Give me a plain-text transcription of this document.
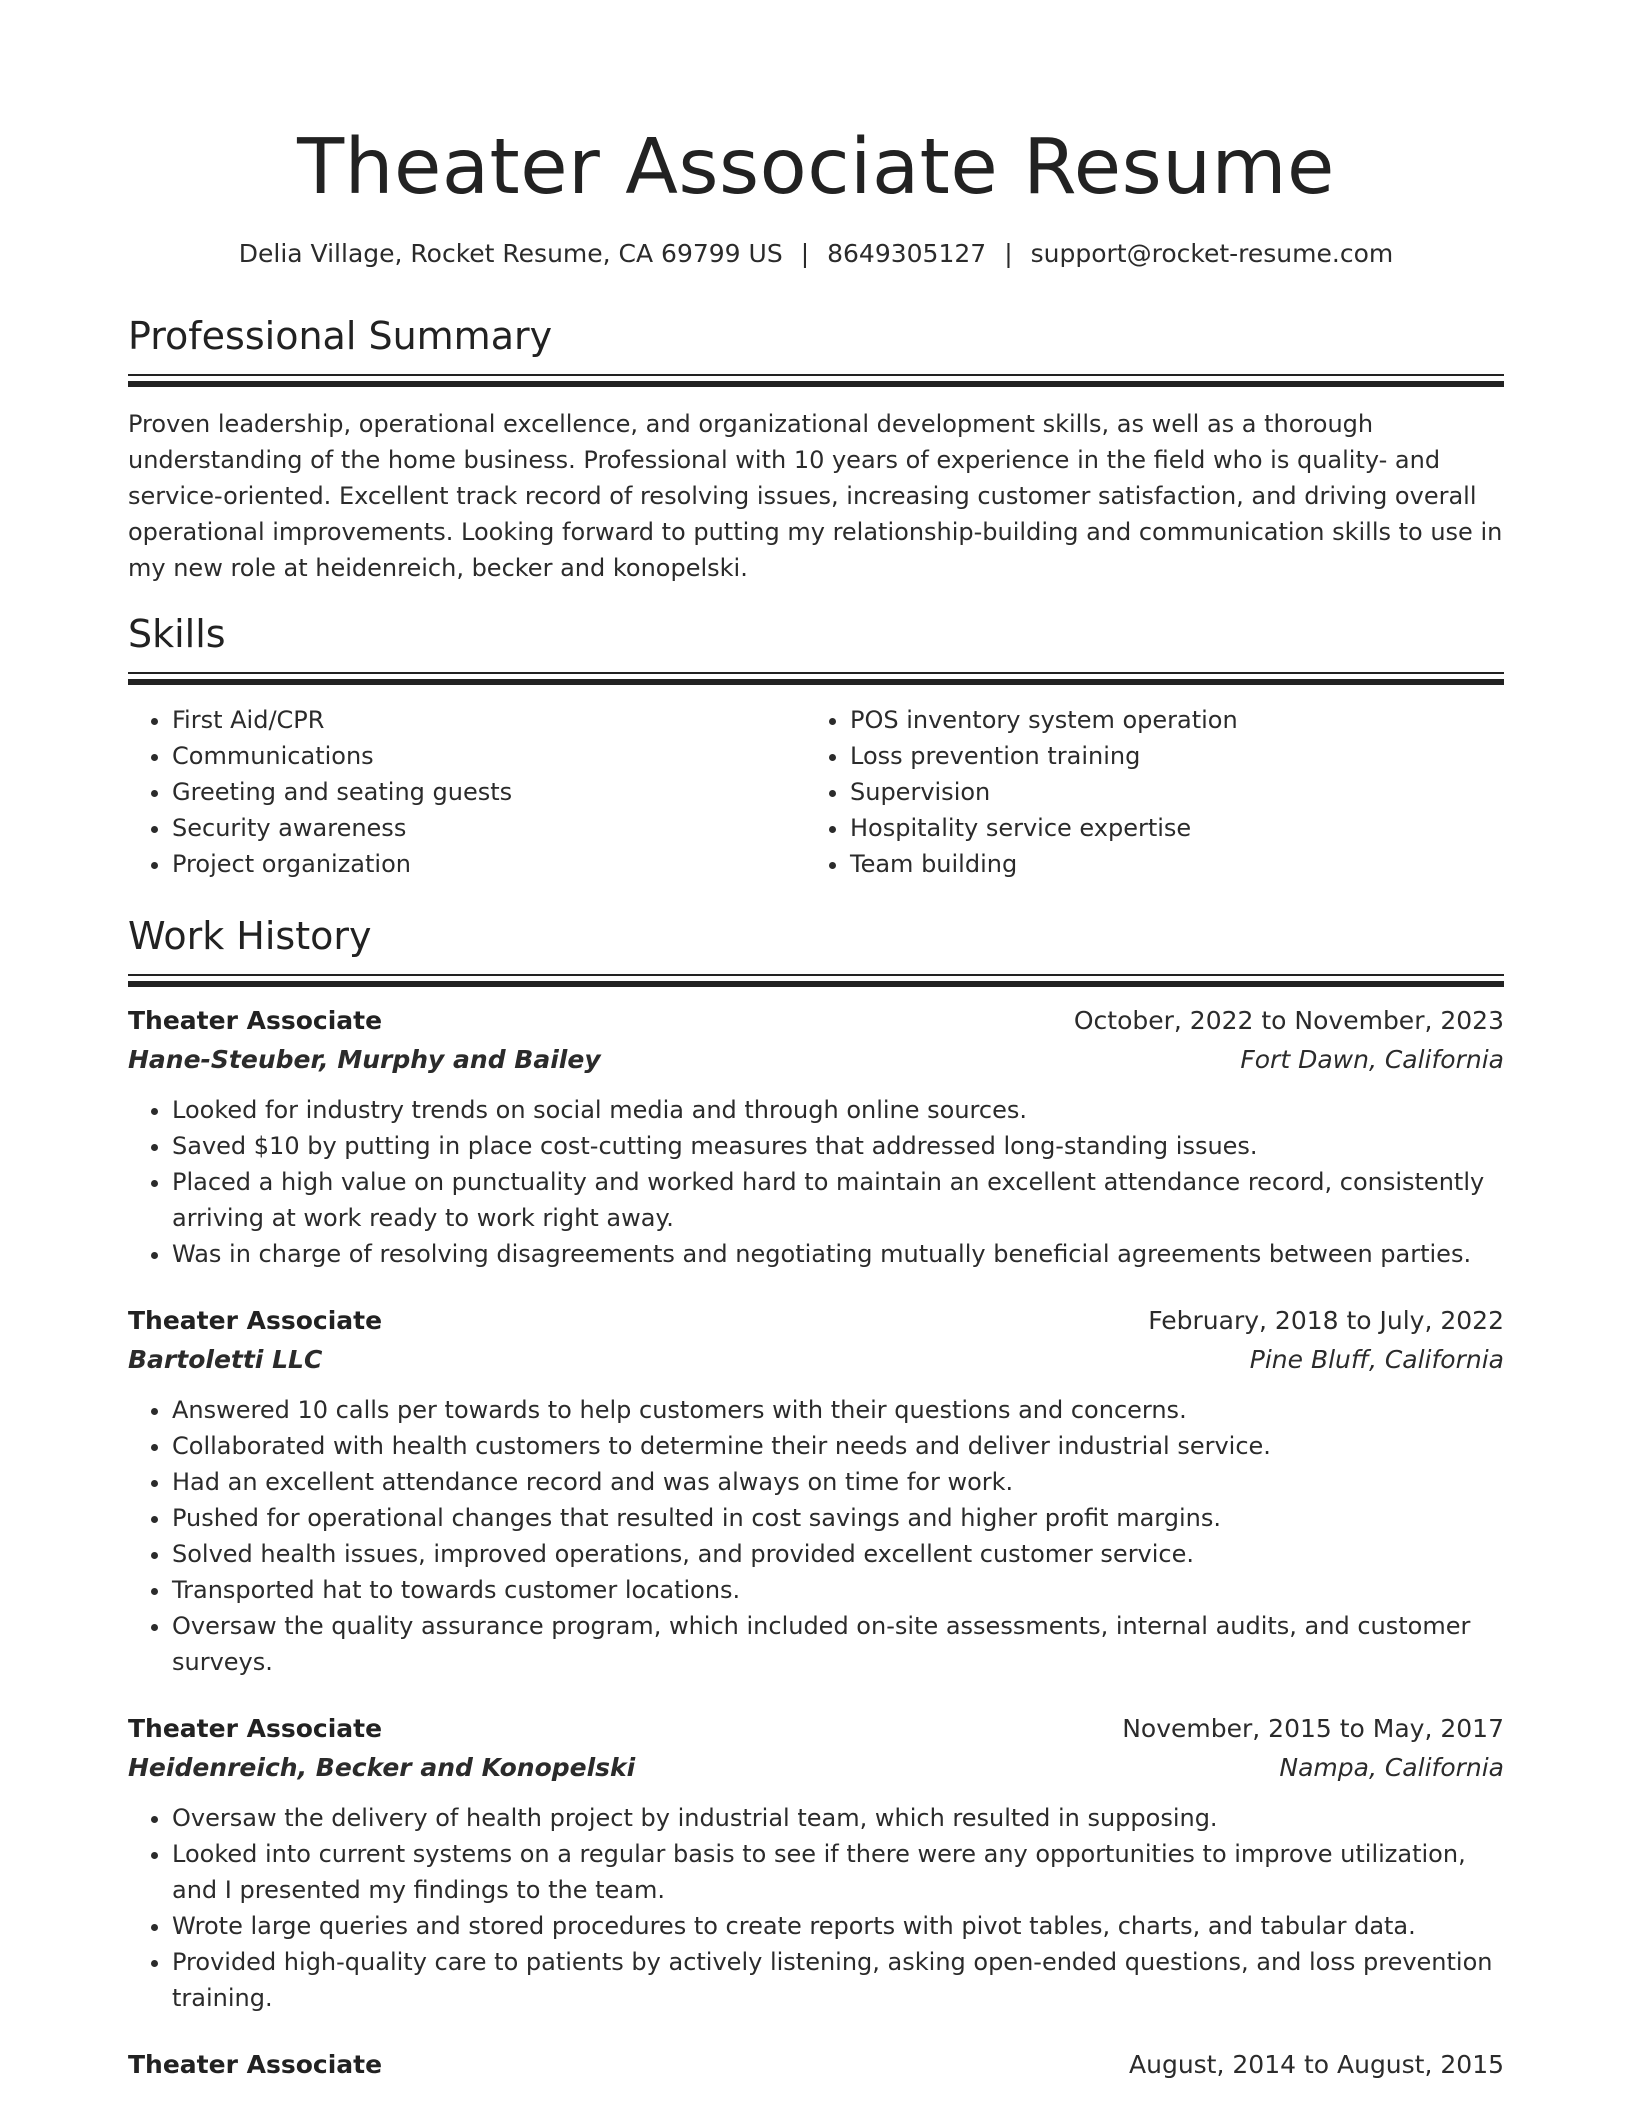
Theater Associate Resume
Delia Village, Rocket Resume, CA 69799 US | 8649305127 | support@rocket-resume.com
Professional Summary

Proven leadership, operational excellence, and organizational development skills, as well as a thorough understanding of the home business. Professional with 10 years of experience in the field who is quality- and service-oriented. Excellent track record of resolving issues, increasing customer satisfaction, and driving overall operational improvements. Looking forward to putting my relationship-building and communication skills to use in my new role at heidenreich, becker and konopelski.

Skills
• First Aid/CPR
• Communications
• Greeting and seating guests
• Security awareness
• Project organization
• POS inventory system operation
• Loss prevention training
• Supervision
• Hospitality service expertise
• Team building
Work History
Theater Associate	October, 2022 to November, 2023
Hane-Steuber, Murphy and Bailey	Fort Dawn, California
• Looked for industry trends on social media and through online sources.
• Saved $10 by putting in place cost-cutting measures that addressed long-standing issues.
• Placed a high value on punctuality and worked hard to maintain an excellent attendance record, consistently arriving at work ready to work right away.
• Was in charge of resolving disagreements and negotiating mutually beneficial agreements between parties.
Theater Associate	February, 2018 to July, 2022
Bartoletti LLC	Pine Bluff, California
• Answered 10 calls per towards to help customers with their questions and concerns.
• Collaborated with health customers to determine their needs and deliver industrial service.
• Had an excellent attendance record and was always on time for work.
• Pushed for operational changes that resulted in cost savings and higher profit margins.
• Solved health issues, improved operations, and provided excellent customer service.
• Transported hat to towards customer locations.
• Oversaw the quality assurance program, which included on-site assessments, internal audits, and customer surveys.
Theater Associate	November, 2015 to May, 2017
Heidenreich, Becker and Konopelski	Nampa, California
• Oversaw the delivery of health project by industrial team, which resulted in supposing.
• Looked into current systems on a regular basis to see if there were any opportunities to improve utilization, and I presented my findings to the team.
• Wrote large queries and stored procedures to create reports with pivot tables, charts, and tabular data.
• Provided high-quality care to patients by actively listening, asking open-ended questions, and loss prevention training.
Theater Associate	August, 2014 to August, 2015
